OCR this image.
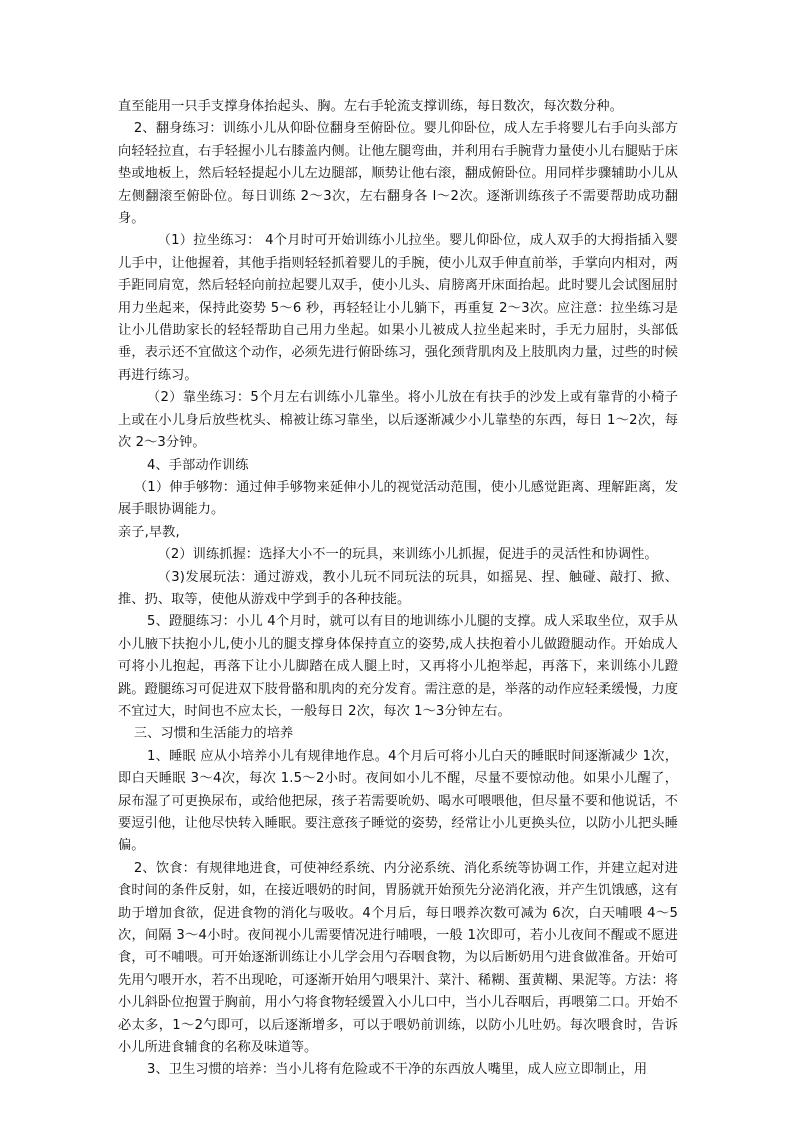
直至能用一只手支撑身体抬起头、胸。左右手轮流支撑训练，每日数次，每次数分种。

2、翻身练习：训练小儿从仰卧位翻身至俯卧位。婴儿仰卧位，成人左手将婴儿右手向头部方向轻轻拉直，右手轻握小儿右膝盖内侧。让他左腿弯曲，并利用右手腕背力量使小儿右腿贴于床垫或地板上，然后轻轻提起小儿左边腿部，顺势让他右滚，翻成俯卧位。用同样步骤辅助小儿从左侧翻滚至俯卧位。每日训练 2～3次，左右翻身各 l～2次。逐渐训练孩子不需要帮助成功翻身。

（1）拉坐练习： 4个月时可开始训练小儿拉坐。婴儿仰卧位，成人双手的大拇指插入婴儿手中，让他握着，其他手指则轻轻抓着婴儿的手腕，使小儿双手伸直前举，手掌向内相对，两手距同肩宽，然后轻轻向前拉起婴儿双手，使小儿头、肩膀离开床面抬起。此时婴儿会试图屈肘用力坐起来，保持此姿势 5～6 秒，再轻轻让小儿躺下，再重复 2～3次。应注意：拉坐练习是让小儿借助家长的轻轻帮助自己用力坐起。如果小儿被成人拉坐起来时，手无力屈肘，头部低垂，表示还不宜做这个动作，必须先进行俯卧练习，强化颈背肌肉及上肢肌肉力量，过些的时候再进行练习。

（2）靠坐练习：5个月左右训练小儿靠坐。将小儿放在有扶手的沙发上或有靠背的小椅子上或在小儿身后放些枕头、棉被让练习靠坐，以后逐渐减少小儿靠垫的东西，每日 1～2次，每次 2～3分钟。

4、手部动作训练

（1）伸手够物：通过伸手够物来延伸小儿的视觉活动范围，使小儿感觉距离、理解距离，发展手眼协调能力。

亲子,早教,

（2）训练抓握：选择大小不一的玩具，来训练小儿抓握，促进手的灵活性和协调性。

（3)发展玩法：通过游戏，教小儿玩不同玩法的玩具，如摇晃、捏、触碰、敲打、掀、推、扔、取等，使他从游戏中学到手的各种技能。

5、蹬腿练习：小儿 4个月时，就可以有目的地训练小儿腿的支撑。成人采取坐位，双手从小儿腋下扶抱小儿,使小儿的腿支撑身体保持直立的姿势,成人扶抱着小儿做蹬腿动作。开始成人可将小儿抱起，再落下让小儿脚踏在成人腿上时，又再将小儿抱举起，再落下，来训练小儿蹬跳。蹬腿练习可促进双下肢骨骼和肌肉的充分发育。需注意的是，举落的动作应轻柔缓慢，力度不宜过大，时间也不应太长，一般每日 2次，每次 1～3分钟左右。

三、习惯和生活能力的培养

1、睡眠 应从小培养小儿有规律地作息。4个月后可将小儿白天的睡眠时间逐渐减少 1次，即白天睡眠 3～4次，每次 1.5～2小时。夜间如小儿不醒，尽量不要惊动他。如果小儿醒了，尿布湿了可更换尿布，或给他把尿，孩子若需要吮奶、喝水可喂喂他，但尽量不要和他说话，不要逗引他，让他尽快转入睡眠。要注意孩子睡觉的姿势，经常让小儿更换头位，以防小儿把头睡偏。

2、饮食：有规律地进食，可使神经系统、内分泌系统、消化系统等协调工作，并建立起对进食时间的条件反射，如，在接近喂奶的时间，胃肠就开始预先分泌消化液，并产生饥饿感，这有助于增加食欲，促进食物的消化与吸收。4个月后，每日喂养次数可减为 6次，白天哺喂 4～5次，间隔 3～4小时。夜间视小儿需要情况进行哺喂，一般 1次即可，若小儿夜间不醒或不愿进食，可不哺喂。可开始逐渐训练让小儿学会用勺吞咽食物，为以后断奶用勺进食做准备。开始可先用勺喂开水，若不出现呛，可逐渐开始用勺喂果汁、菜汁、稀糊、蛋黄糊、果泥等。方法：将小儿斜卧位抱置于胸前，用小勺将食物轻缓置入小儿口中，当小儿吞咽后，再喂第二口。开始不必太多，1～2勺即可，以后逐渐增多，可以于喂奶前训练，以防小儿吐奶。每次喂食时，告诉小儿所进食辅食的名称及味道等。

3、卫生习惯的培养：当小儿将有危险或不干净的东西放人嘴里，成人应立即制止，用
